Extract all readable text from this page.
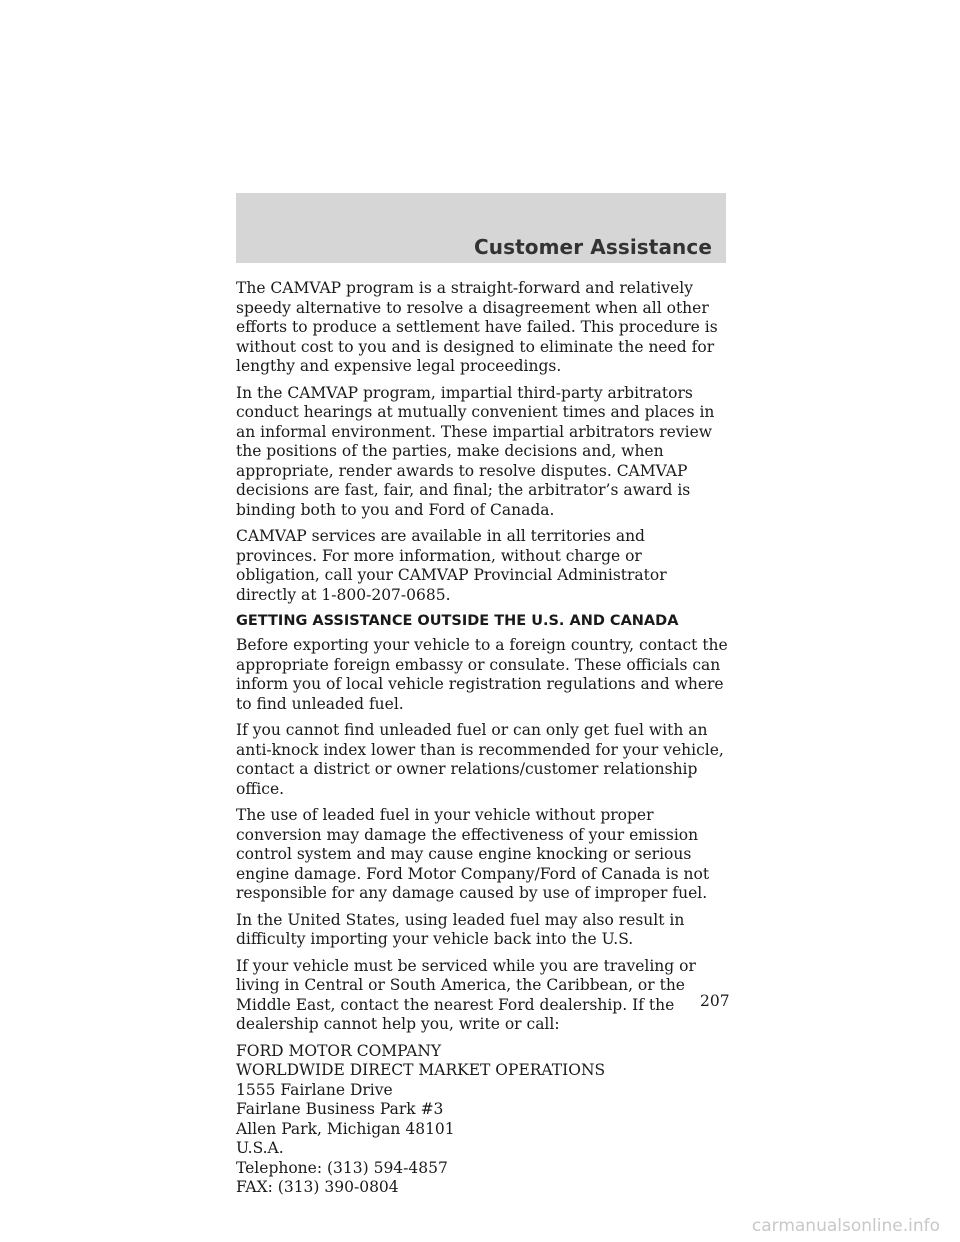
Customer Assistance

The CAMVAP program is a straight-forward and relatively speedy alternative to resolve a disagreement when all other efforts to produce a settlement have failed. This procedure is without cost to you and is designed to eliminate the need for lengthy and expensive legal proceedings.

In the CAMVAP program, impartial third-party arbitrators conduct hearings at mutually convenient times and places in an informal environment. These impartial arbitrators review the positions of the parties, make decisions and, when appropriate, render awards to resolve disputes. CAMVAP decisions are fast, fair, and final; the arbitrator’s award is binding both to you and Ford of Canada.

CAMVAP services are available in all territories and provinces. For more information, without charge or obligation, call your CAMVAP Provincial Administrator directly at 1-800-207-0685.

GETTING ASSISTANCE OUTSIDE THE U.S. AND CANADA

Before exporting your vehicle to a foreign country, contact the appropriate foreign embassy or consulate. These officials can inform you of local vehicle registration regulations and where to find unleaded fuel.

If you cannot find unleaded fuel or can only get fuel with an anti-knock index lower than is recommended for your vehicle, contact a district or owner relations/customer relationship office.

The use of leaded fuel in your vehicle without proper conversion may damage the effectiveness of your emission control system and may cause engine knocking or serious engine damage. Ford Motor Company/Ford of Canada is not responsible for any damage caused by use of improper fuel.

In the United States, using leaded fuel may also result in difficulty importing your vehicle back into the U.S.

If your vehicle must be serviced while you are traveling or living in Central or South America, the Caribbean, or the Middle East, contact the nearest Ford dealership. If the dealership cannot help you, write or call:

FORD MOTOR COMPANY
WORLDWIDE DIRECT MARKET OPERATIONS
1555 Fairlane Drive
Fairlane Business Park #3
Allen Park, Michigan 48101
U.S.A.
Telephone: (313) 594-4857
FAX: (313) 390-0804
207
carmanualsonline.info
